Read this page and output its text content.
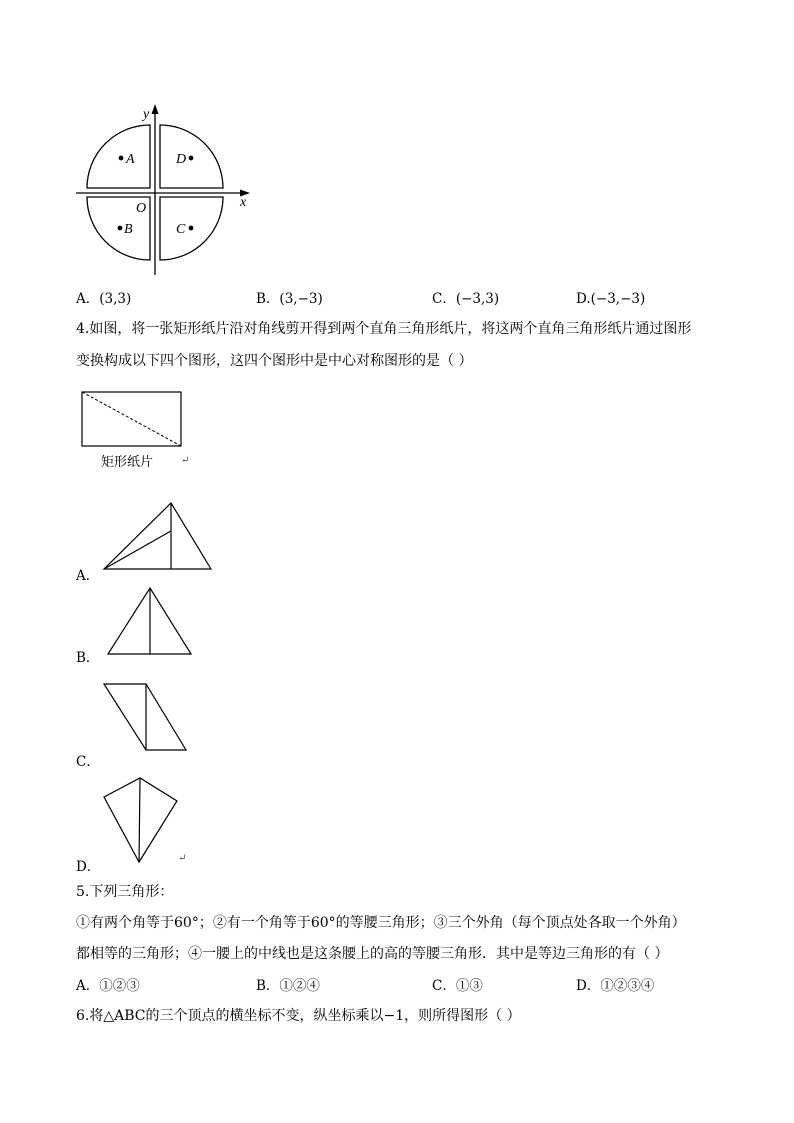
y
x
O
A
B	C
D
A．(3,3)	B．(3,−3)	C．(−3,3)	D.(−3,−3)
4.如图，将一张矩形纸片沿对角线剪开得到两个直角三角形纸片，将这两个直角三角形纸片通过图形
变换构成以下四个图形，这四个图形中是中心对称图形的是（ ）
矩形纸片	↵
A．
B．
C．
D．
↵
5.下列三角形：
①有两个角等于60°；②有一个角等于60°的等腰三角形；③三个外角（每个顶点处各取一个外角）
都相等的三角形；④一腰上的中线也是这条腰上的高的等腰三角形．其中是等边三角形的有（ ）
A．①②③	B．①②④	C．①③	D．①②③④
6.将△ABC的三个顶点的横坐标不变，纵坐标乘以−1，则所得图形（ ）
